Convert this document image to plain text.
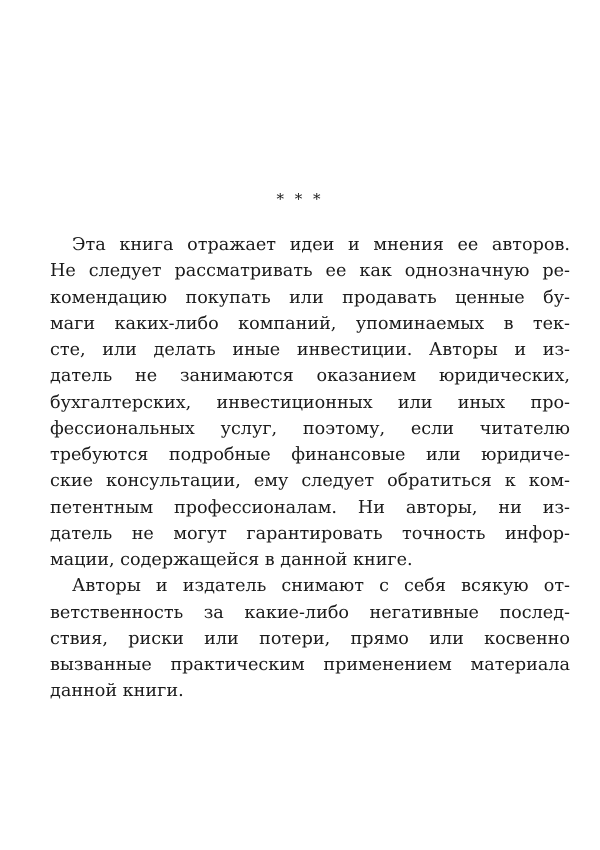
* * *
Эта книга отражает идеи и мнения ее авторов.
Не следует рассматривать ее как однозначную ре-
комендацию покупать или продавать ценные бу-
маги каких-либо компаний, упоминаемых в тек-
сте, или делать иные инвестиции. Авторы и из-
датель не занимаются оказанием юридических,
бухгалтерских, инвестиционных или иных про-
фессиональных услуг, поэтому, если читателю
требуются подробные финансовые или юридиче-
ские консультации, ему следует обратиться к ком-
петентным профессионалам. Ни авторы, ни из-
датель не могут гарантировать точность инфор-
мации, содержащейся в данной книге.
Авторы и издатель снимают с себя всякую от-
ветственность за какие-либо негативные послед-
ствия, риски или потери, прямо или косвенно
вызванные практическим применением материала
данной книги.
